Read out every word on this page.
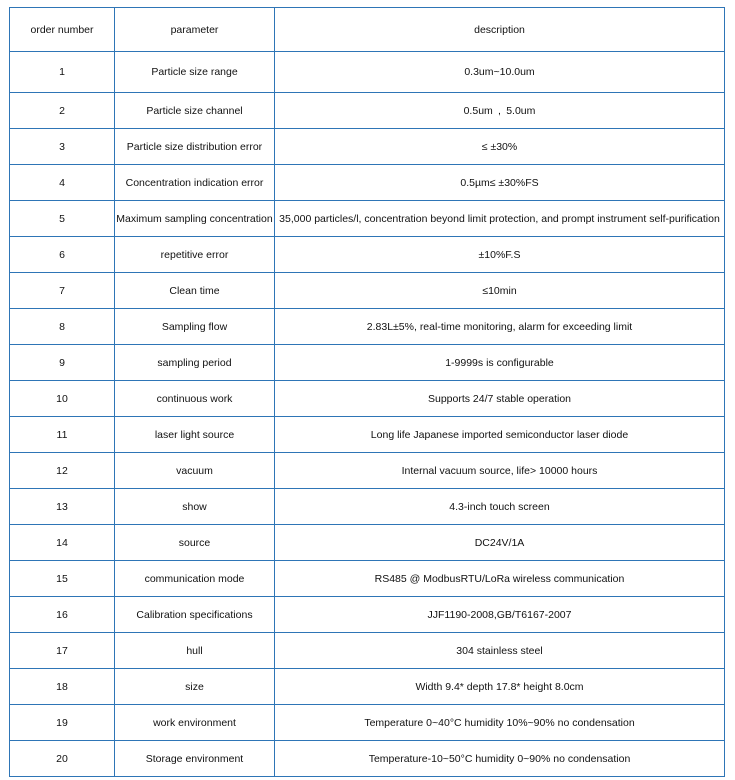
order number	parameter	description
1	Particle size range	0.3um~10.0um
2	Particle size channel	0.5um , 5.0um
3	Particle size distribution error	≤ ±30%
4	Concentration indication error	0.5µm≤ ±30%FS
5	Maximum sampling concentration	35,000 particles/l, concentration beyond limit protection, and prompt instrument self-purification
6	repetitive error	±10%F.S
7	Clean time	≤10min
8	Sampling flow	2.83L±5%, real-time monitoring, alarm for exceeding limit
9	sampling period	1-9999s is configurable
10	continuous work	Supports 24/7 stable operation
11	laser light source	Long life Japanese imported semiconductor laser diode
12	vacuum	Internal vacuum source, life> 10000 hours
13	show	4.3-inch touch screen
14	source	DC24V/1A
15	communication mode	RS485 @ ModbusRTU/LoRa wireless communication
16	Calibration specifications	JJF1190-2008,GB/T6167-2007
17	hull	304 stainless steel
18	size	Width 9.4* depth 17.8* height 8.0cm
19	work environment	Temperature 0~40°C humidity 10%~90% no condensation
20	Storage environment	Temperature-10~50°C humidity 0~90% no condensation
